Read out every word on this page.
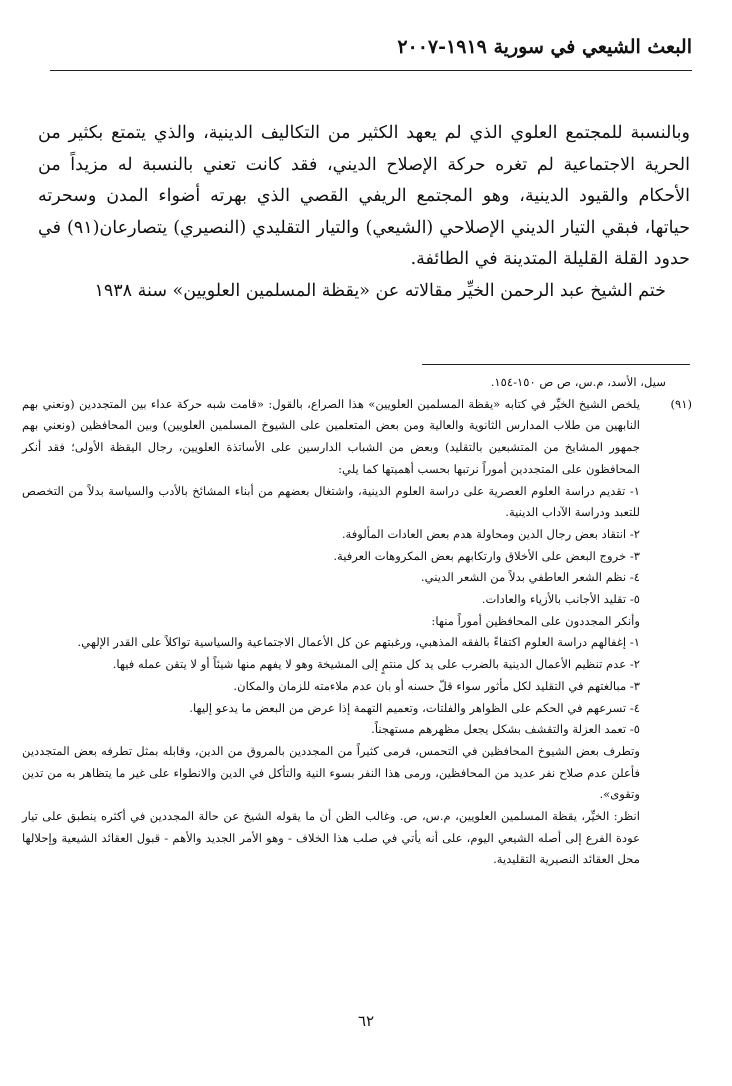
البعث الشيعي في سورية ١٩١٩-٢٠٠٧

وبالنسبة للمجتمع العلوي الذي لم يعهد الكثير من التكاليف الدينية، والذي يتمتع بكثير من الحرية الاجتماعية لم تغره حركة الإصلاح الديني، فقد كانت تعني بالنسبة له مزيداً من الأحكام والقيود الدينية، وهو المجتمع الريفي القصي الذي بهرته أضواء المدن وسحرته حياتها، فبقي التيار الديني الإصلاحي (الشيعي) والتيار التقليدي (النصيري) يتصارعان(٩١) في حدود القلة القليلة المتدينة في الطائفة.

ختم الشيخ عبد الرحمن الخيِّر مقالاته عن «يقظة المسلمين العلويين» سنة ١٩٣٨

سيل، الأسد، م.س، ص ص ١٥٠-١٥٤.

(٩١)

يلخص الشيخ الخيِّر في كتابه «يقظة المسلمين العلويين» هذا الصراع، بالقول: «قامت شبه حركة عداء بين المتجددين (ونعني بهم النابهين من طلاب المدارس الثانوية والعالية ومن بعض المتعلمين على الشيوخ المسلمين العلويين) وبين المحافظين (ونعني بهم جمهور المشايخ من المتشبعين بالتقليد) وبعض من الشباب الدارسين على الأساتذة العلويين، رجال اليقظة الأولى؛ فقد أنكر المحافظون على المتجددين أموراً نرتبها بحسب أهميتها كما يلي:

١- تقديم دراسة العلوم العصرية على دراسة العلوم الدينية، واشتغال بعضهم من أبناء المشائخ بالأدب والسياسة بدلاً من التخصص للتعبد ودراسة الآداب الدينية.

٢- انتقاد بعض رجال الدين ومحاولة هدم بعض العادات المألوفة.

٣- خروج البعض على الأخلاق وارتكابهم بعض المكروهات العرفية.

٤- نظم الشعر العاطفي بدلاً من الشعر الديني.

٥- تقليد الأجانب بالأزياء والعادات.

وأنكر المجددون على المحافظين أموراً منها:

١- إغفالهم دراسة العلوم اكتفاءً بالفقه المذهبي، ورغبتهم عن كل الأعمال الاجتماعية والسياسية تواكلاً على القدر الإلهي.

٢- عدم تنظيم الأعمال الدينية بالضرب على يد كل منتمٍ إلى المشيخة وهو لا يفهم منها شيئاً أو لا يتقن عمله فيها.

٣- مبالغتهم في التقليد لكل مأثور سواء قلّ حسنه أو بان عدم ملاءمته للزمان والمكان.

٤- تسرعهم في الحكم على الظواهر والفلتات، وتعميم التهمة إذا عرض من البعض ما يدعو إليها.

٥- تعمد العزلة والتقشف بشكل يجعل مظهرهم مستهجناً.

وتطرف بعض الشيوخ المحافظين في التحمس، فرمى كثيراً من المجددين بالمروق من الدين، وقابله بمثل تطرفه بعض المتجددين فأعلن عدم صلاح نفر عديد من المحافظين، ورمى هذا النفر بسوء النية والتأكل في الدين والانطواء على غير ما يتظاهر به من تدين وتقوى».

انظر: الخيِّر، يقظة المسلمين العلويين، م.س، ص. وغالب الظن أن ما يقوله الشيخ عن حالة المجددين في أكثره ينطبق على تيار عودة الفرع إلى أصله الشيعي اليوم، على أنه يأتي في صلب هذا الخلاف - وهو الأمر الجديد والأهم - قبول العقائد الشيعية وإحلالها محل العقائد النصيرية التقليدية.

٦٢
